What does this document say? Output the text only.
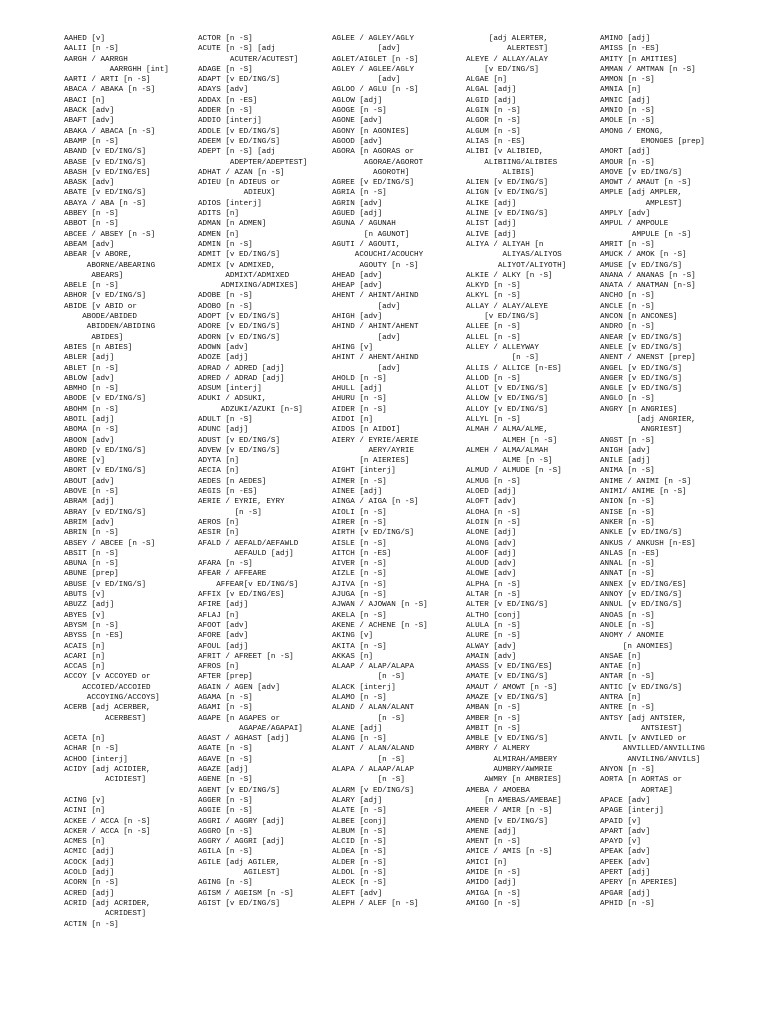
AAHED [v]
AALII [n -S]
AARGH / AARRGH
AARRGHH [int]
AARTI / ARTI [n -S]
ABACA / ABAKA [n -S]
ABACI [n]
ABACK [adv]
ABAFT [adv]
ABAKA / ABACA [n -S]
ABAMP [n -S]
ABAND [v ED/ING/S]
ABASE [v ED/ING/S]
ABASH [v ED/ING/ES]
ABASK [adv]
ABATE [v ED/ING/S]
ABAYA / ABA [n -S]
ABBEY [n -S]
ABBOT [n -S]
ABCEE / ABSEY [n -S]
ABEAM [adv]
ABEAR [v ABORE,
ABORNE/ABEARING
ABEARS]
ABELE [n -S]
ABHOR [v ED/ING/S]
ABIDE [v ABID or
ABODE/ABIDED
ABIDDEN/ABIDING
ABIDES]
ABIES [n ABIES]
ABLER [adj]
ABLET [n -S]
ABLOW [adv]
ABMHO [n -S]
ABODE [v ED/ING/S]
ABOHM [n -S]
ABOIL [adj]
ABOMA [n -S]
ABOON [adv]
ABORD [v ED/ING/S]
ABORE [v]
ABORT [v ED/ING/S]
ABOUT [adv]
ABOVE [n -S]
ABRAM [adj]
ABRAY [v ED/ING/S]
ABRIM [adv]
ABRIN [n -S]
ABSEY / ABCEE [n -S]
ABSIT [n -S]
ABUNA [n -S]
ABUNE [prep]
ABUSE [v ED/ING/S]
ABUTS [v]
ABUZZ [adj]
ABYES [v]
ABYSM [n -S]
ABYSS [n -ES]
ACAIS [n]
ACARI [n]
ACCAS [n]
ACCOY [v ACCOYED or
ACCOIED/ACCOIED
ACCOYING/ACCOYS]
ACERB [adj ACERBER,
ACERBEST]
ACETA [n]
ACHAR [n -S]
ACHOO [interj]
ACIDY [adj ACIDIER,
ACIDIEST]
ACING [v]
ACINI [n]
ACKEE / ACCA [n -S]
ACKER / ACCA [n -S]
ACMES [n]
ACMIC [adj]
ACOCK [adj]
ACOLD [adj]
ACORN [n -S]
ACRED [adj]
ACRID [adj ACRIDER,
ACRIDEST]
ACTIN [n -S]
ACTOR [n -S]
ACUTE [n -S] [adj
ACUTER/ACUTEST]
ADAGE [n -S]
ADAPT [v ED/ING/S]
ADAYS [adv]
ADDAX [n -ES]
ADDER [n -S]
ADDIO [interj]
ADDLE [v ED/ING/S]
ADEEM [v ED/ING/S]
ADEPT [n -S] [adj
ADEPTER/ADEPTEST]
ADHAT / AZAN [n -S]
ADIEU [n ADIEUS or
ADIEUX]
ADIOS [interj]
ADITS [n]
ADMAN [n ADMEN]
ADMEN [n]
ADMIN [n -S]
ADMIT [v ED/ING/S]
ADMIX [v ADMIXED,
ADMIXT/ADMIXED
ADMIXING/ADMIXES]
ADOBE [n -S]
ADOBO [n -S]
ADOPT [v ED/ING/S]
ADORE [v ED/ING/S]
ADORN [v ED/ING/S]
ADOWN [adv]
ADOZE [adj]
ADRAD / ADRED [adj]
ADRED / ADRAD [adj]
ADSUM [interj]
ADUKI / ADSUKI,
ADZUKI/AZUKI [n-S]
ADULT [n -S]
ADUNC [adj]
ADUST [v ED/ING/S]
ADVEW [v ED/ING/S]
ADYTA [n]
AECIA [n]
AEDES [n AEDES]
AEGIS [n -ES]
AERIE / EYRIE, EYRY
[n -S]
AEROS [n]
AESIR [n]
AFALD / AEFALD/AEFAWLD
AEFAULD [adj]
AFARA [n -S]
AFEAR / AFFEARE
AFFEAR[v ED/ING/S]
AFFIX [v ED/ING/ES]
AFIRE [adj]
AFLAJ [n]
AFOOT [adv]
AFORE [adv]
AFOUL [adj]
AFRIT / AFREET [n -S]
AFROS [n]
AFTER [prep]
AGAIN / AGEN [adv]
AGAMA [n -S]
AGAMI [n -S]
AGAPE [n AGAPES or
AGAPAE/AGAPAI]
AGAST / AGHAST [adj]
AGATE [n -S]
AGAVE [n -S]
AGAZE [adj]
AGENE [n -S]
AGENT [v ED/ING/S]
AGGER [n -S]
AGGIE [n -S]
AGGRI / AGGRY [adj]
AGGRO [n -S]
AGGRY / AGGRI [adj]
AGILA [n -S]
AGILE [adj AGILER,
AGILEST]
AGING [n -S]
AGISM / AGEISM [n -S]
AGIST [v ED/ING/S]
AGLEE / AGLEY/AGLY
[adv]
AGLET/AIGLET [n -S]
AGLEY / AGLEE/AGLY
[adv]
AGLOO / AGLU [n -S]
AGLOW [adj]
AGOGE [n -S]
AGONE [adv]
AGONY [n AGONIES]
AGOOD [adv]
AGORA [n AGORAS or
AGORAE/AGOROT
AGOROTH]
AGREE [v ED/ING/S]
AGRIA [n -S]
AGRIN [adv]
AGUED [adj]
AGUNA / AGUNAH
[n AGUNOT]
AGUTI / AGOUTI,
ACOUCHI/ACOUCHY
AGOUTY [n -S]
AHEAD [adv]
AHEAP [adv]
AHENT / AHINT/AHIND
[adv]
AHIGH [adv]
AHIND / AHINT/AHENT
[adv]
AHING [v]
AHINT / AHENT/AHIND
[adv]
AHOLD [n -S]
AHULL [adj]
AHURU [n -S]
AIDER [n -S]
AIDOI [n]
AIDOS [n AIDOI]
AIERY / EYRIE/AERIE
AERY/AYRIE
[n AIERIES]
AIGHT [interj]
AIMER [n -S]
AINEE [adj]
AINGA / AIGA [n -S]
AIOLI [n -S]
AIRER [n -S]
AIRTH [v ED/ING/S]
AISLE [n -S]
AITCH [n -ES]
AIVER [n -S]
AIZLE [n -S]
AJIVA [n -S]
AJUGA [n -S]
AJWAN / AJOWAN [n -S]
AKELA [n -S]
AKENE / ACHENE [n -S]
AKING [v]
AKITA [n -S]
AKKAS [n]
ALAAP / ALAP/ALAPA
[n -S]
ALACK [interj]
ALAMO [n -S]
ALAND / ALAN/ALANT
[n -S]
ALANE [adj]
ALANG [n -S]
ALANT / ALAN/ALAND
[n -S]
ALAPA / ALAAP/ALAP
[n -S]
ALARM [v ED/ING/S]
ALARY [adj]
ALATE [n -S]
ALBEE [conj]
ALBUM [n -S]
ALCID [n -S]
ALDEA [n -S]
ALDER [n -S]
ALDOL [n -S]
ALECK [n -S]
ALEFT [adv]
ALEPH / ALEF [n -S]
[adj ALERTER,
ALERTEST]
ALEYE / ALLAY/ALAY
[v ED/ING/S]
ALGAE [n]
ALGAL [adj]
ALGID [adj]
ALGIN [n -S]
ALGOR [n -S]
ALGUM [n -S]
ALIAS [n -ES]
ALIBI [v ALIBIED,
ALIBIING/ALIBIES
ALIBIS]
ALIEN [v ED/ING/S]
ALIGN [v ED/ING/S]
ALIKE [adj]
ALINE [v ED/ING/S]
ALIST [adj]
ALIVE [adj]
ALIYA / ALIYAH [n
ALIYAS/ALIYOS
ALIYOT/ALIYOTH]
ALKIE / ALKY [n -S]
ALKYD [n -S]
ALKYL [n -S]
ALLAY / ALAY/ALEYE
[v ED/ING/S]
ALLEE [n -S]
ALLEL [n -S]
ALLEY / ALLEYWAY
[n -S]
ALLIS / ALLICE [n-ES]
ALLOD [n -S]
ALLOT [v ED/ING/S]
ALLOW [v ED/ING/S]
ALLOY [v ED/ING/S]
ALLYL [n -S]
ALMAH / ALMA/ALME,
ALMEH [n -S]
ALMEH / ALMA/ALMAH
ALME [n -S]
ALMUD / ALMUDE [n -S]
ALMUG [n -S]
ALOED [adj]
ALOFT [adv]
ALOHA [n -S]
ALOIN [n -S]
ALONE [adj]
ALONG [adv]
ALOOF [adj]
ALOUD [adv]
ALOWE [adv]
ALPHA [n -S]
ALTAR [n -S]
ALTER [v ED/ING/S]
ALTHO [conj]
ALULA [n -S]
ALURE [n -S]
ALWAY [adv]
AMAIN [adv]
AMASS [v ED/ING/ES]
AMATE [v ED/ING/S]
AMAUT / AMOWT [n -S]
AMAZE [v ED/ING/S]
AMBAN [n -S]
AMBER [n -S]
AMBIT [n -S]
AMBLE [v ED/ING/S]
AMBRY / ALMERY
ALMIRAH/AMBERY
AUMBRY/AWMRIE
AWMRY [n AMBRIES]
AMEBA / AMOEBA
[n AMEBAS/AMEBAE]
AMEER / AMIR [n -S]
AMEND [v ED/ING/S]
AMENE [adj]
AMENT [n -S]
AMICE / AMIS [n -S]
AMICI [n]
AMIDE [n -S]
AMIDO [adj]
AMIGA [n -S]
AMIGO [n -S]
AMINO [adj]
AMISS [n -ES]
AMITY [n AMITIES]
AMMAN / AMTMAN [n -S]
AMMON [n -S]
AMNIA [n]
AMNIC [adj]
AMNIO [n -S]
AMOLE [n -S]
AMONG / EMONG,
EMONGES [prep]
AMORT [adj]
AMOUR [n -S]
AMOVE [v ED/ING/S]
AMOWT / AMAUT [n -S]
AMPLE [adj AMPLER,
AMPLEST]
AMPLY [adv]
AMPUL / AMPOULE
AMPULE [n -S]
AMRIT [n -S]
AMUCK / AMOK [n -S]
AMUSE [v ED/ING/S]
ANANA / ANANAS [n -S]
ANATA / ANATMAN [n-S]
ANCHO [n -S]
ANCLE [n -S]
ANCON [n ANCONES]
ANDRO [n -S]
ANEAR [v ED/ING/S]
ANELE [v ED/ING/S]
ANENT / ANENST [prep]
ANGEL [v ED/ING/S]
ANGER [v ED/ING/S]
ANGLE [v ED/ING/S]
ANGLO [n -S]
ANGRY [n ANGRIES]
[adj ANGRIER,
ANGRIEST]
ANGST [n -S]
ANIGH [adv]
ANILE [adj]
ANIMA [n -S]
ANIME / ANIMI [n -S]
ANIMI/ ANIME [n -S]
ANION [n -S]
ANISE [n -S]
ANKER [n -S]
ANKLE [v ED/ING/S]
ANKUS / ANKUSH [n-ES]
ANLAS [n -ES]
ANNAL [n -S]
ANNAT [n -S]
ANNEX [v ED/ING/ES]
ANNOY [v ED/ING/S]
ANNUL [v ED/ING/S]
ANOAS [n -S]
ANOLE [n -S]
ANOMY / ANOMIE
[n ANOMIES]
ANSAE [n]
ANTAE [n]
ANTAR [n -S]
ANTIC [v ED/ING/S]
ANTRA [n]
ANTRE [n -S]
ANTSY [adj ANTSIER,
ANTSIEST]
ANVIL [v ANVILED or
ANVILLED/ANVILLING
ANVILING/ANVILS]
ANYON [n -S]
AORTA [n AORTAS or
AORTAE]
APACE [adv]
APAGE [interj]
APAID [v]
APART [adv]
APAYD [v]
APEAK [adv]
APEEK [adv]
APERT [adj]
APERY [n APERIES]
APGAR [adj]
APHID [n -S]
